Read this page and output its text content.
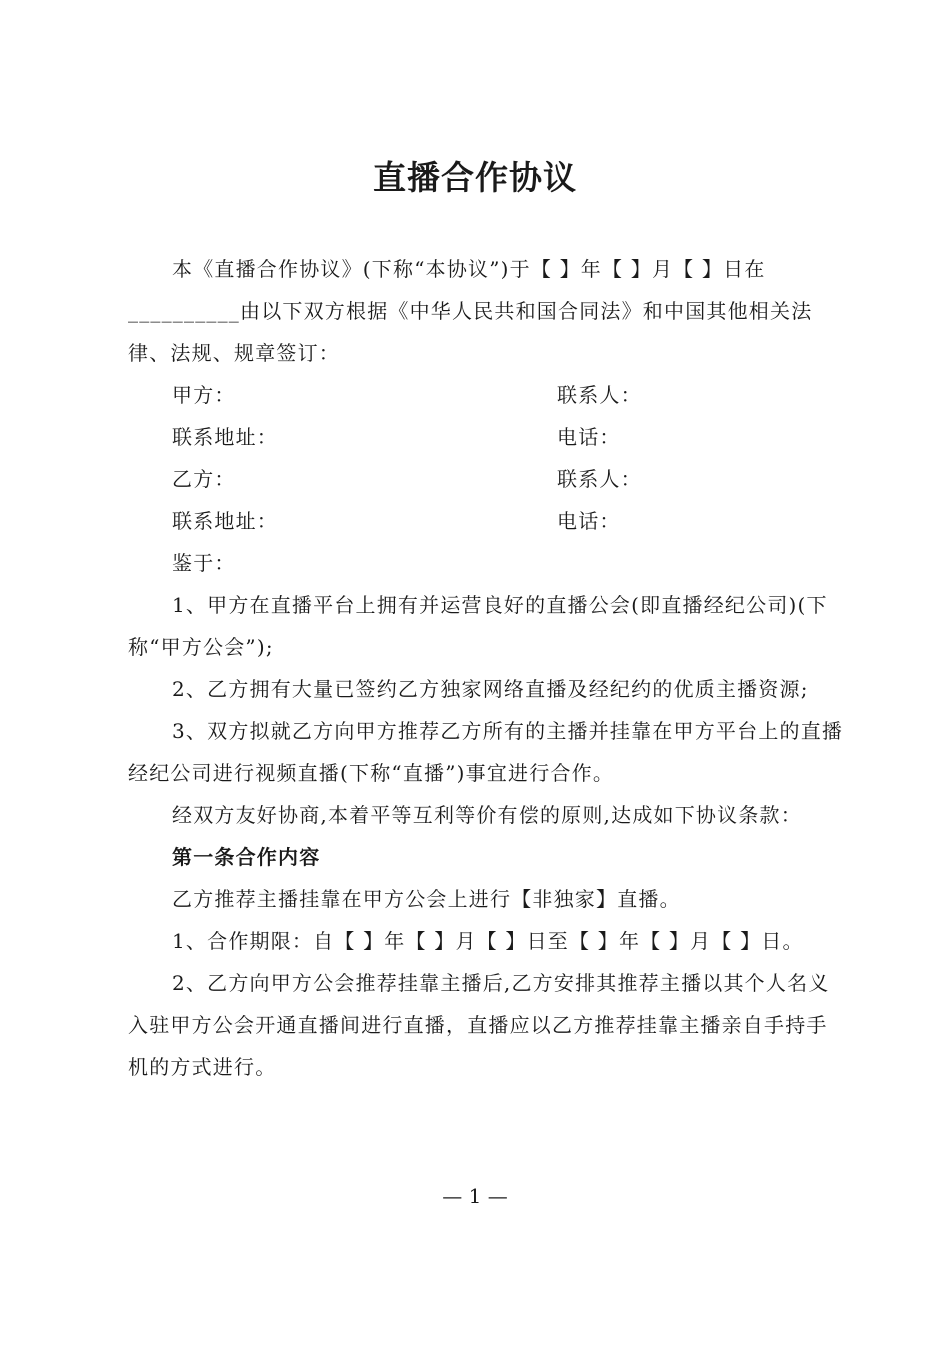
直播合作协议

本《直播合作协议》(下称“本协议”)于【 】年【 】月【 】日在__________由以下双方根据《中华人民共和国合同法》和中国其他相关法律、法规、规章签订：

甲方：	联系人：
联系地址：	电话：
乙方：	联系人：
联系地址：	电话：

鉴于：

1、甲方在直播平台上拥有并运营良好的直播公会(即直播经纪公司)(下称“甲方公会”);

2、乙方拥有大量已签约乙方独家网络直播及经纪约的优质主播资源;

3、双方拟就乙方向甲方推荐乙方所有的主播并挂靠在甲方平台上的直播经纪公司进行视频直播(下称“直播”)事宜进行合作。

经双方友好协商,本着平等互利等价有偿的原则,达成如下协议条款：

第一条合作内容

乙方推荐主播挂靠在甲方公会上进行【非独家】直播。

1、合作期限：自【 】年【 】月【 】日至【 】年【 】月【 】日。

2、乙方向甲方公会推荐挂靠主播后,乙方安排其推荐主播以其个人名义入驻甲方公会开通直播间进行直播，直播应以乙方推荐挂靠主播亲自手持手机的方式进行。

— 1 —
